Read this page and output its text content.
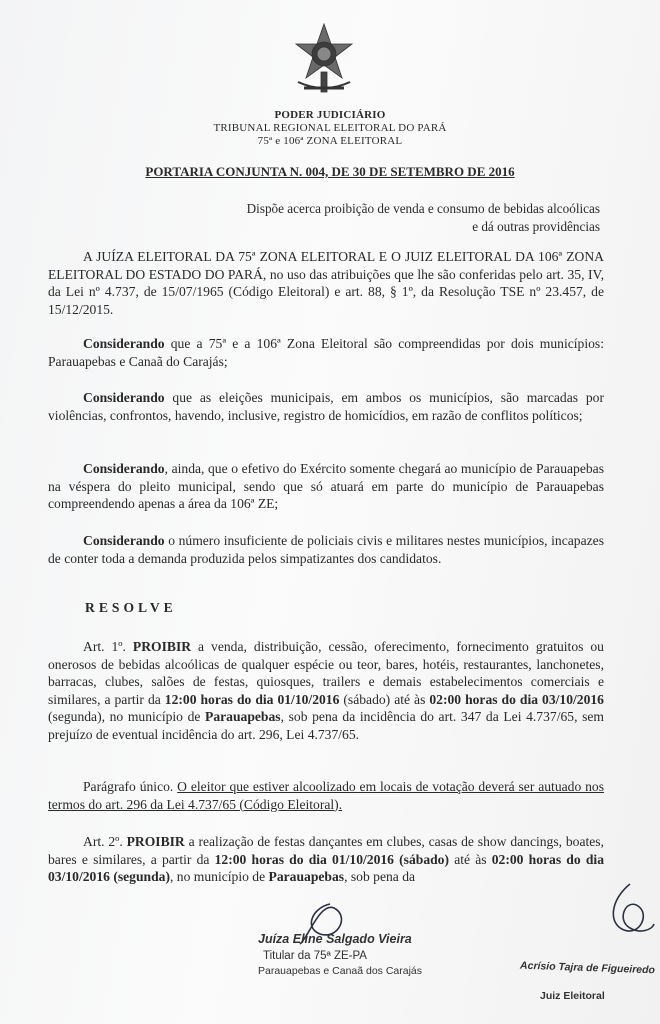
PODER JUDICIÁRIO
TRIBUNAL REGIONAL ELEITORAL DO PARÁ
75ª e 106ª ZONA ELEITORAL
PORTARIA CONJUNTA N. 004, DE 30 DE SETEMBRO DE 2016
Dispõe acerca proibição de venda e consumo de bebidas alcoólicas
e dá outras providências

A JUÍZA ELEITORAL DA 75ª ZONA ELEITORAL E O JUIZ ELEITORAL DA 106ª ZONA ELEITORAL DO ESTADO DO PARÁ, no uso das atribuições que lhe são conferidas pelo art. 35, IV, da Lei nº 4.737, de 15/07/1965 (Código Eleitoral) e art. 88, § 1º, da Resolução TSE nº 23.457, de 15/12/2015.

Considerando que a 75ª e a 106ª Zona Eleitoral são compreendidas por dois municípios: Parauapebas e Canaã do Carajás;

Considerando que as eleições municipais, em ambos os municípios, são marcadas por violências, confrontos, havendo, inclusive, registro de homicídios, em razão de conflitos políticos;

Considerando, ainda, que o efetivo do Exército somente chegará ao município de Parauapebas na véspera do pleito municipal, sendo que só atuará em parte do município de Parauapebas compreendendo apenas a área da 106ª ZE;

Considerando o número insuficiente de policiais civis e militares nestes municípios, incapazes de conter toda a demanda produzida pelos simpatizantes dos candidatos.

RESOLVE

Art. 1º. PROIBIR a venda, distribuição, cessão, oferecimento, fornecimento gratuitos ou onerosos de bebidas alcoólicas de qualquer espécie ou teor, bares, hotéis, restaurantes, lanchonetes, barracas, clubes, salões de festas, quiosques, trailers e demais estabelecimentos comerciais e similares, a partir da 12:00 horas do dia 01/10/2016 (sábado) até às 02:00 horas do dia 03/10/2016 (segunda), no município de Parauapebas, sob pena da incidência do art. 347 da Lei 4.737/65, sem prejuízo de eventual incidência do art. 296, Lei 4.737/65.

Parágrafo único. O eleitor que estiver alcoolizado em locais de votação deverá ser autuado nos termos do art. 296 da Lei 4.737/65 (Código Eleitoral).

Art. 2º. PROIBIR a realização de festas dançantes em clubes, casas de show dancings, boates, bares e similares, a partir da 12:00 horas do dia 01/10/2016 (sábado) até às 02:00 horas do dia 03/10/2016 (segunda), no município de Parauapebas, sob pena da

Juíza Eline Salgado Vieira
Titular da 75ª ZE-PA
Parauapebas e Canaã dos Carajás	Acrísio Tajra de Figueiredo
Juiz Eleitoral
